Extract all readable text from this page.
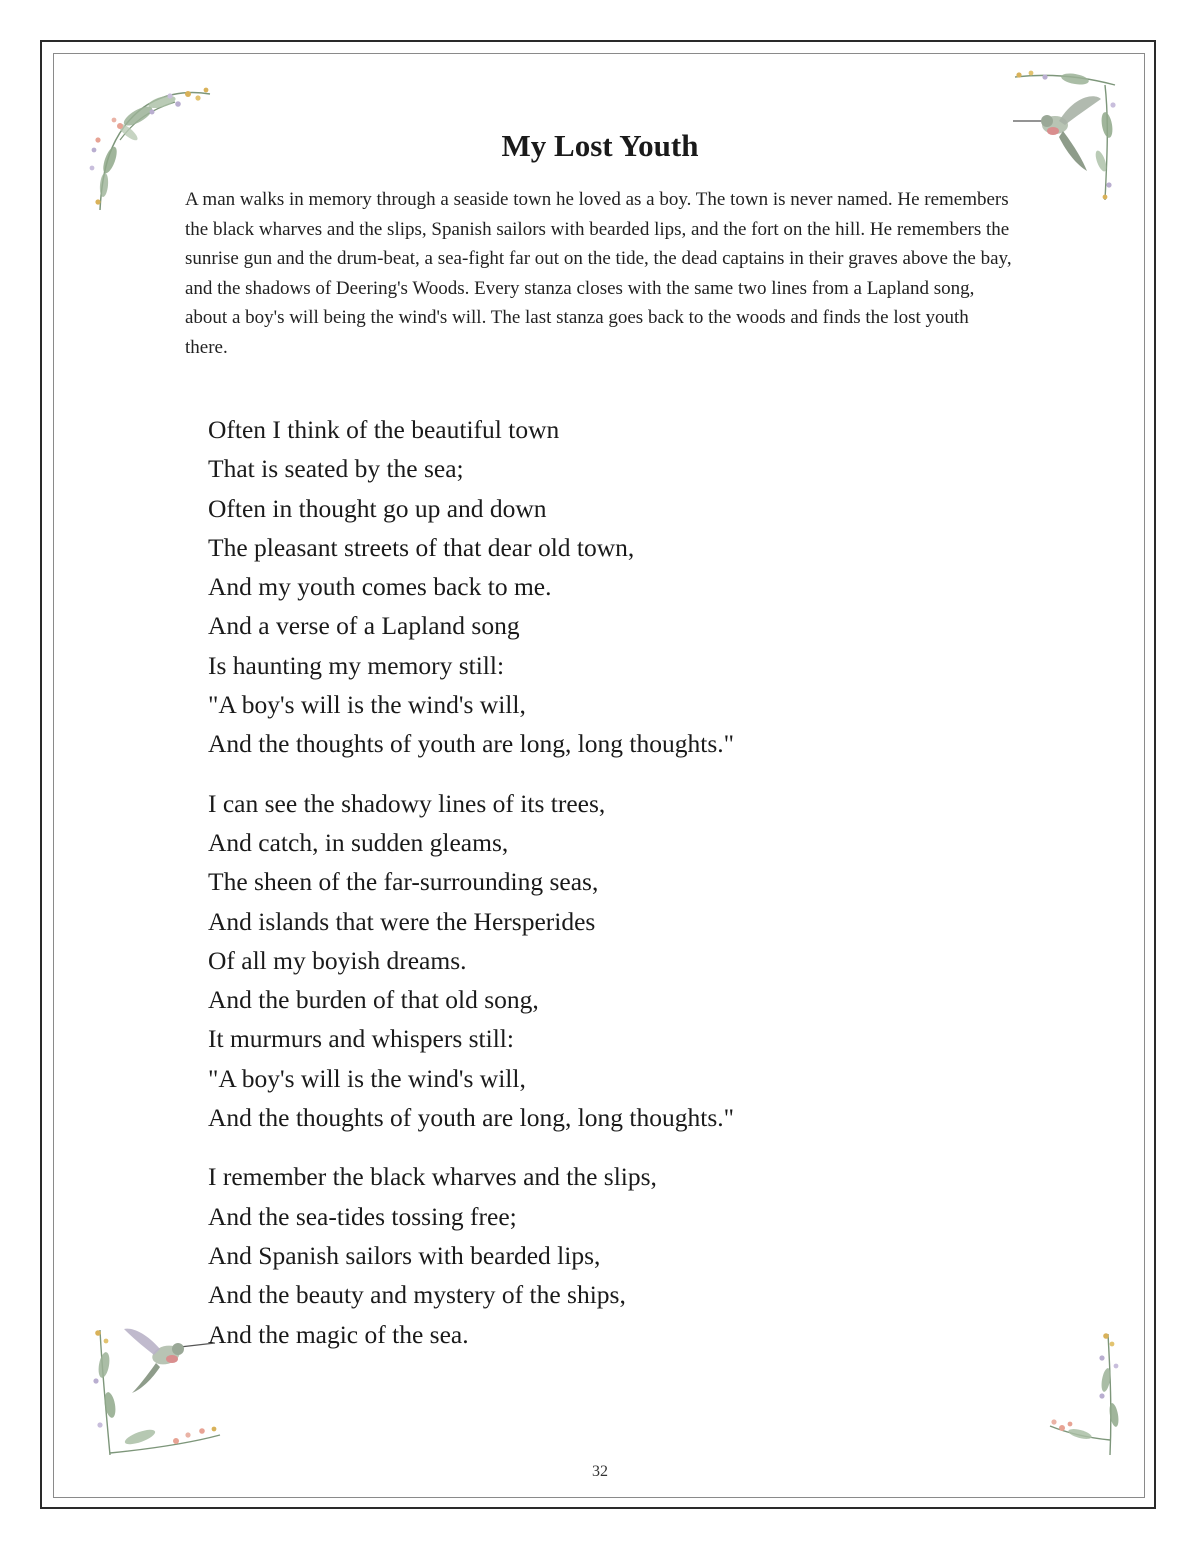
My Lost Youth

A man walks in memory through a seaside town he loved as a boy. The town is never named. He remembers the black wharves and the slips, Spanish sailors with bearded lips, and the fort on the hill. He remembers the sunrise gun and the drum-beat, a sea-fight far out on the tide, the dead captains in their graves above the bay, and the shadows of Deering's Woods. Every stanza closes with the same two lines from a Lapland song, about a boy's will being the wind's will. The last stanza goes back to the woods and finds the lost youth there.

Often I think of the beautiful town
That is seated by the sea;
Often in thought go up and down
The pleasant streets of that dear old town,
And my youth comes back to me.
And a verse of a Lapland song
Is haunting my memory still:
"A boy's will is the wind's will,
And the thoughts of youth are long, long thoughts."
I can see the shadowy lines of its trees,
And catch, in sudden gleams,
The sheen of the far-surrounding seas,
And islands that were the Hersperides
Of all my boyish dreams.
And the burden of that old song,
It murmurs and whispers still:
"A boy's will is the wind's will,
And the thoughts of youth are long, long thoughts."
I remember the black wharves and the slips,
And the sea-tides tossing free;
And Spanish sailors with bearded lips,
And the beauty and mystery of the ships,
And the magic of the sea.
32
